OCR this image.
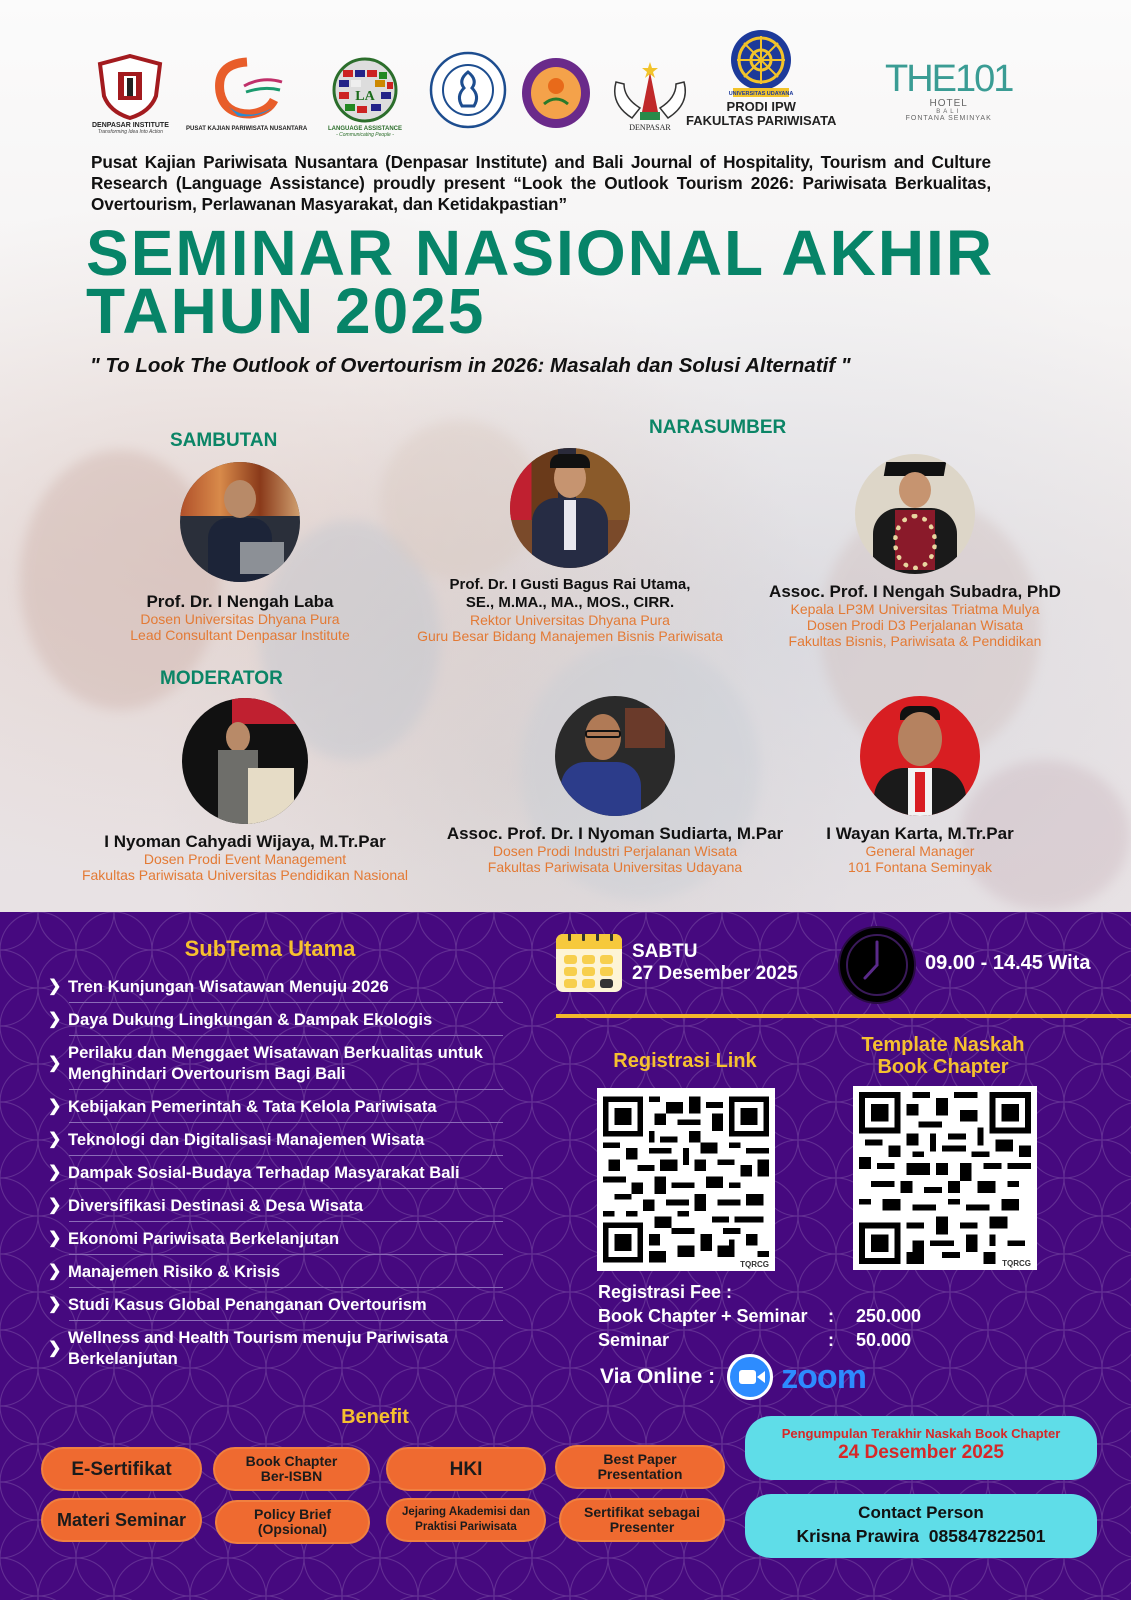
DENPASAR INSTITUTE
Transforming Idea Into Action	PUSAT KAJIAN PARIWISATA NUSANTARA
LA
LANGUAGE ASSISTANCE
- Communicating People -
DENPASAR
UNIVERSITAS UDAYANA
PRODI IPW
FAKULTAS PARIWISATA
THE101
HOTEL
BALI
FONTANA SEMINYAK

Pusat Kajian Pariwisata Nusantara (Denpasar Institute) and Bali Journal of Hospitality, Tourism and Culture Research (Language Assistance) proudly present “Look the Outlook Tourism 2026: Pariwisata Berkualitas, Overtourism, Perlawanan Masyarakat, dan Ketidakpastian”

SEMINAR NASIONAL AKHIR
TAHUN 2025

" To Look The Outlook of Overtourism in 2026: Masalah dan Solusi Alternatif "

SAMBUTAN
NARASUMBER
MODERATOR
Prof. Dr. I Nengah Laba
Dosen Universitas Dhyana Pura
Lead Consultant Denpasar Institute
Prof. Dr. I Gusti Bagus Rai Utama,
SE., M.MA., MA., MOS., CIRR.
Rektor Universitas Dhyana Pura
Guru Besar Bidang Manajemen Bisnis Pariwisata
Assoc. Prof. I Nengah Subadra, PhD
Kepala LP3M Universitas Triatma Mulya
Dosen Prodi D3 Perjalanan Wisata
Fakultas Bisnis, Pariwisata & Pendidikan
I Nyoman Cahyadi Wijaya, M.Tr.Par
Dosen Prodi Event Management
Fakultas Pariwisata Universitas Pendidikan Nasional
Assoc. Prof. Dr. I Nyoman Sudiarta, M.Par
Dosen Prodi Industri Perjalanan Wisata
Fakultas Pariwisata Universitas Udayana
I Wayan Karta, M.Tr.Par
General Manager
101 Fontana Seminyak
SubTema Utama
❯ Tren Kunjungan Wisatawan Menuju 2026
❯ Daya Dukung Lingkungan & Dampak Ekologis
❯
Perilaku dan Menggaet Wisatawan Berkualitas untuk Menghindari Overtourism Bagi Bali
❯ Kebijakan Pemerintah & Tata Kelola Pariwisata
❯ Teknologi dan Digitalisasi Manajemen Wisata
❯ Dampak Sosial-Budaya Terhadap Masyarakat Bali
❯ Diversifikasi Destinasi & Desa Wisata
❯ Ekonomi Pariwisata Berkelanjutan
❯ Manajemen Risiko & Krisis
❯ Studi Kasus Global Penanganan Overtourism
❯
Wellness and Health Tourism menuju Pariwisata Berkelanjutan
SABTU
27 Desember 2025	09.00 - 14.45 Wita
Registrasi Link
Template Naskah
Book Chapter
TQRCG	TQRCG
Registrasi Fee :
Book Chapter + Seminar	:	250.000
Seminar	:	50.000
Via Online : zoom
Benefit
E-Sertifikat	Book Chapter
Ber-ISBN	HKI	Best Paper
Presentation
Materi Seminar	Policy Brief
(Opsional)
Jejaring Akademisi dan
Praktisi Pariwisata
Sertifikat sebagai
Presenter
Pengumpulan Terakhir Naskah Book Chapter
24 Desember 2025
Contact Person
Krisna Prawira 085847822501
